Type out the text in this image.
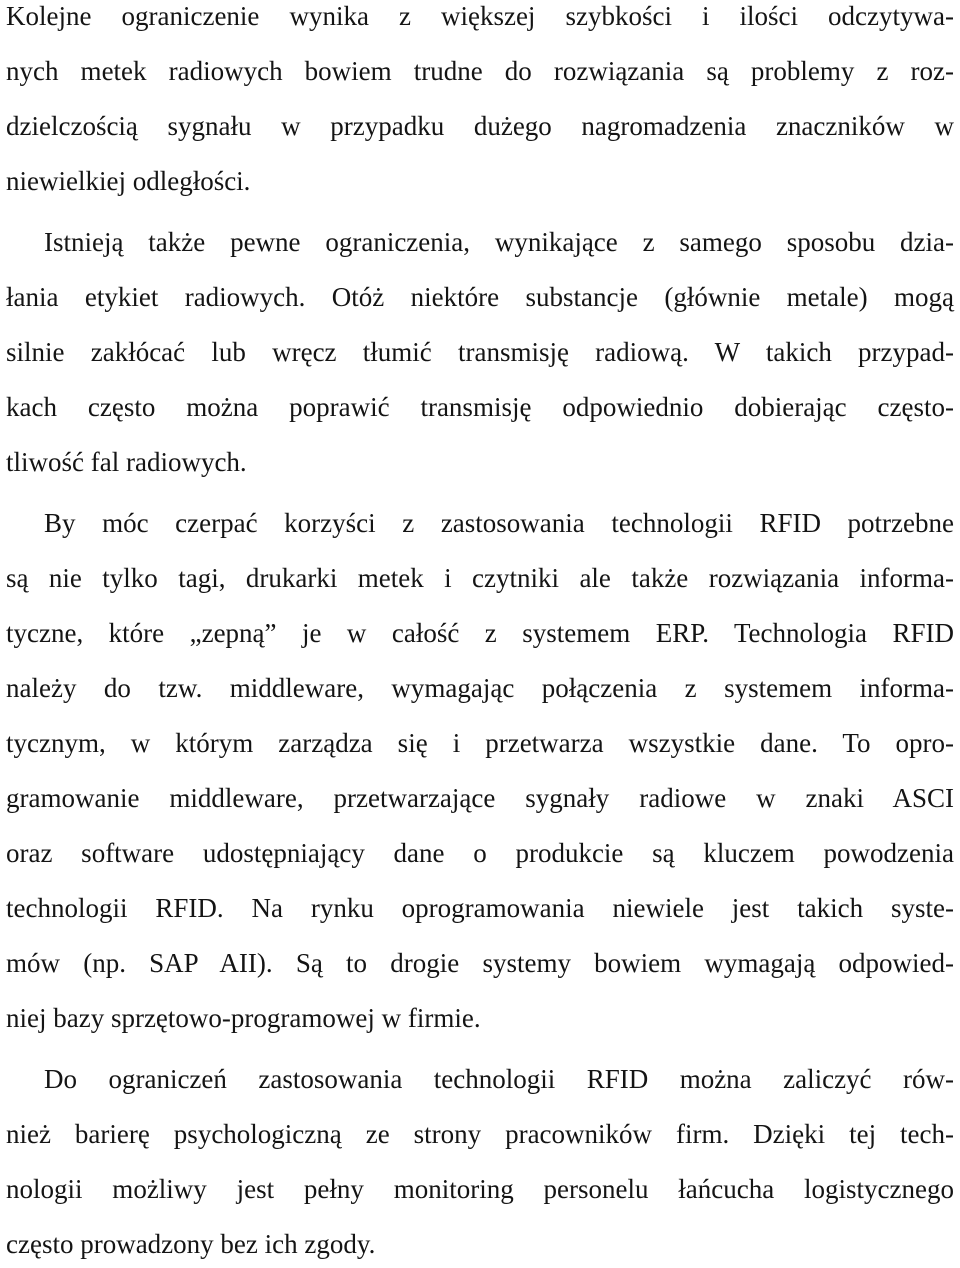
Kolejne ograniczenie wynika z większej szybkości i ilości odczytywa-
nych metek radiowych bowiem trudne do rozwiązania są problemy z roz-
dzielczością sygnału w przypadku dużego nagromadzenia znaczników w
niewielkiej odległości.
Istnieją także pewne ograniczenia, wynikające z samego sposobu dzia-
łania etykiet radiowych. Otóż niektóre substancje (głównie metale) mogą
silnie zakłócać lub wręcz tłumić transmisję radiową. W takich przypad-
kach często można poprawić transmisję odpowiednio dobierając często-
tliwość fal radiowych.
By móc czerpać korzyści z zastosowania technologii RFID potrzebne
są nie tylko tagi, drukarki metek i czytniki ale także rozwiązania informa-
tyczne, które „zepną” je w całość z systemem ERP. Technologia RFID
należy do tzw. middleware, wymagając połączenia z systemem informa-
tycznym, w którym zarządza się i przetwarza wszystkie dane. To opro-
gramowanie middleware, przetwarzające sygnały radiowe w znaki ASCI
oraz software udostępniający dane o produkcie są kluczem powodzenia
technologii RFID. Na rynku oprogramowania niewiele jest takich syste-
mów (np. SAP AII). Są to drogie systemy bowiem wymagają odpowied-
niej bazy sprzętowo-programowej w firmie.
Do ograniczeń zastosowania technologii RFID można zaliczyć rów-
nież barierę psychologiczną ze strony pracowników firm. Dzięki tej tech-
nologii możliwy jest pełny monitoring personelu łańcucha logistycznego
często prowadzony bez ich zgody.
